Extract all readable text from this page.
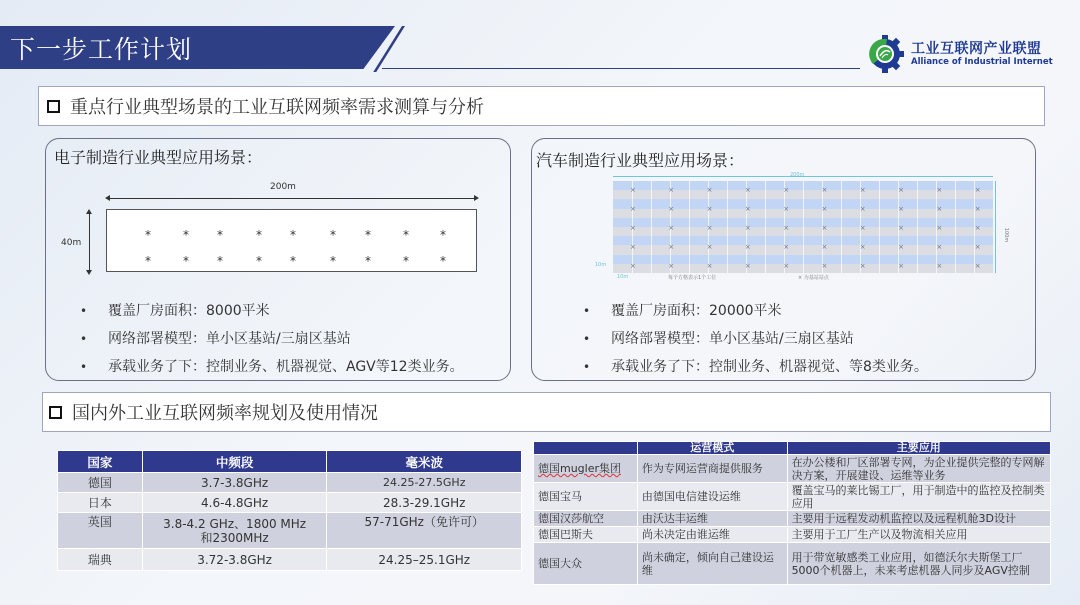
下一步工作计划	工业互联网产业联盟
Alliance of Industrial Internet
重点行业典型场景的工业互联网频率需求测算与分析
电子制造行业典型应用场景：
200m
40m
*	* *	* *	* *	*	*
*	* *	* *	* *	*	*
• 覆盖厂房面积：8000平米
• 网络部署模型：单小区基站/三扇区基站
• 承载业务了下：控制业务、机器视觉、AGV等12类业务。
汽车制造行业典型应用场景：
200m
×	×	×	×	×	×	×	×	×	×
×	×	×	×	×	×	×	×	×	×
×	×	×	×	×	×	×	×	×	×
×	×	×	×	×	×	×	×	×	×
×	×	×	×	×	×	×	×	×	×
100m
10m
10m	每个方格表示1个工位	× 为基站站点
• 覆盖厂房面积：20000平米
• 网络部署模型：单小区基站/三扇区基站
• 承载业务了下：控制业务、机器视觉、等8类业务。
国内外工业互联网频率规划及使用情况
国家	中频段	毫米波
德国	3.7-3.8GHz	24.25-27.5GHz
日本	4.6-4.8GHz	28.3-29.1GHz
英国	3.8-4.2 GHz、1800 MHz和2300MHz	57-71GHz（免许可）
瑞典	3.72-3.8GHz	24.25–25.1GHz
6
	运营模式	主要应用
德国mugler集团	作为专网运营商提供服务	在办公楼和厂区部署专网，为企业提供完整的专网解决方案，开展建设、运维等业务
德国宝马	由德国电信建设运维	覆盖宝马的莱比锡工厂，用于制造中的监控及控制类应用
德国汉莎航空	由沃达丰运维	主要用于远程发动机监控以及远程机舱3D设计
德国巴斯夫	尚未决定由谁运维	主要用于工厂生产以及物流相关应用
德国大众	尚未确定，倾向自己建设运维	用于带宽敏感类工业应用，如德沃尔夫斯堡工厂5000个机器上，未来考虑机器人同步及AGV控制
